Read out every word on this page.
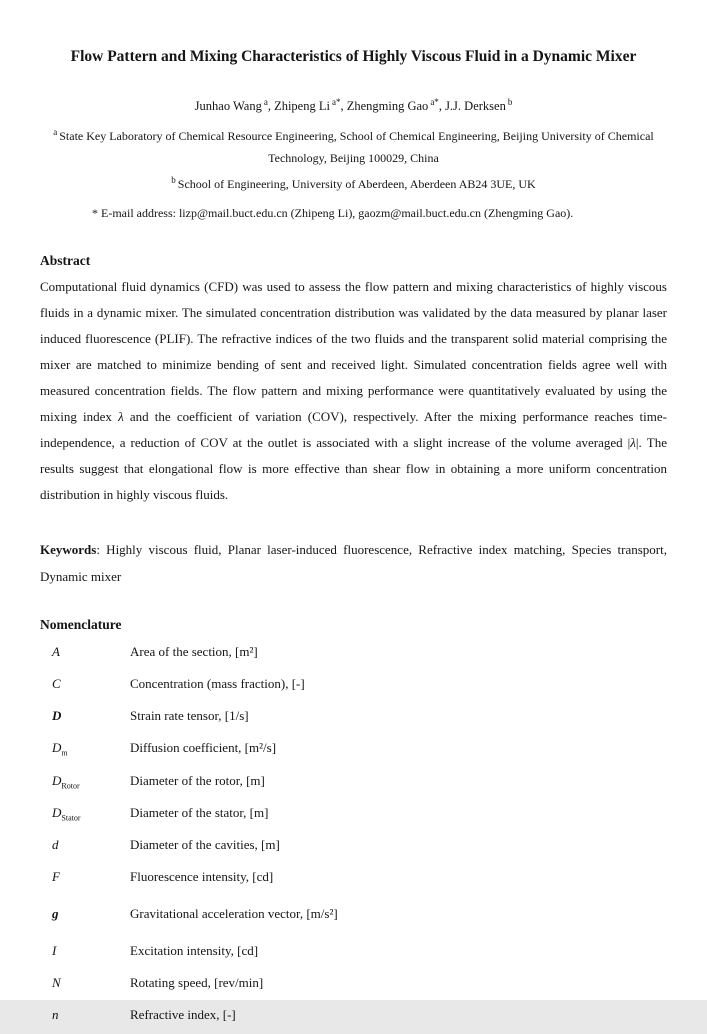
Flow Pattern and Mixing Characteristics of Highly Viscous Fluid in a Dynamic Mixer
Junhao Wang $^a$, Zhipeng Li $^{a*}$, Zhengming Gao $^{a*}$, J.J. Derksen $^b$
$^a$ State Key Laboratory of Chemical Resource Engineering, School of Chemical Engineering, Beijing University of Chemical Technology, Beijing 100029, China
$^b$ School of Engineering, University of Aberdeen, Aberdeen AB24 3UE, UK
* E-mail address: lizp@mail.buct.edu.cn (Zhipeng Li), gaozm@mail.buct.edu.cn (Zhengming Gao).
Abstract

Computational fluid dynamics (CFD) was used to assess the flow pattern and mixing characteristics of highly viscous fluids in a dynamic mixer. The simulated concentration distribution was validated by the data measured by planar laser induced fluorescence (PLIF). The refractive indices of the two fluids and the transparent solid material comprising the mixer are matched to minimize bending of sent and received light. Simulated concentration fields agree well with measured concentration fields. The flow pattern and mixing performance were quantitatively evaluated by using the mixing index λ and the coefficient of variation (COV), respectively. After the mixing performance reaches time-independence, a reduction of COV at the outlet is associated with a slight increase of the volume averaged |λ|. The results suggest that elongational flow is more effective than shear flow in obtaining a more uniform concentration distribution in highly viscous fluids.

Keywords: Highly viscous fluid, Planar laser-induced fluorescence, Refractive index matching, Species transport, Dynamic mixer

Nomenclature
A	Area of the section, [m²]
C	Concentration (mass fraction), [-]
D	Strain rate tensor, [1/s]
$D_m$	Diffusion coefficient, [m²/s]
$D_{Rotor}$	Diameter of the rotor, [m]
$D_{Stator}$	Diameter of the stator, [m]
d	Diameter of the cavities, [m]
F	Fluorescence intensity, [cd]
g	Gravitational acceleration vector, [m/s²]
I	Excitation intensity, [cd]
N	Rotating speed, [rev/min]
n	Refractive index, [-]
